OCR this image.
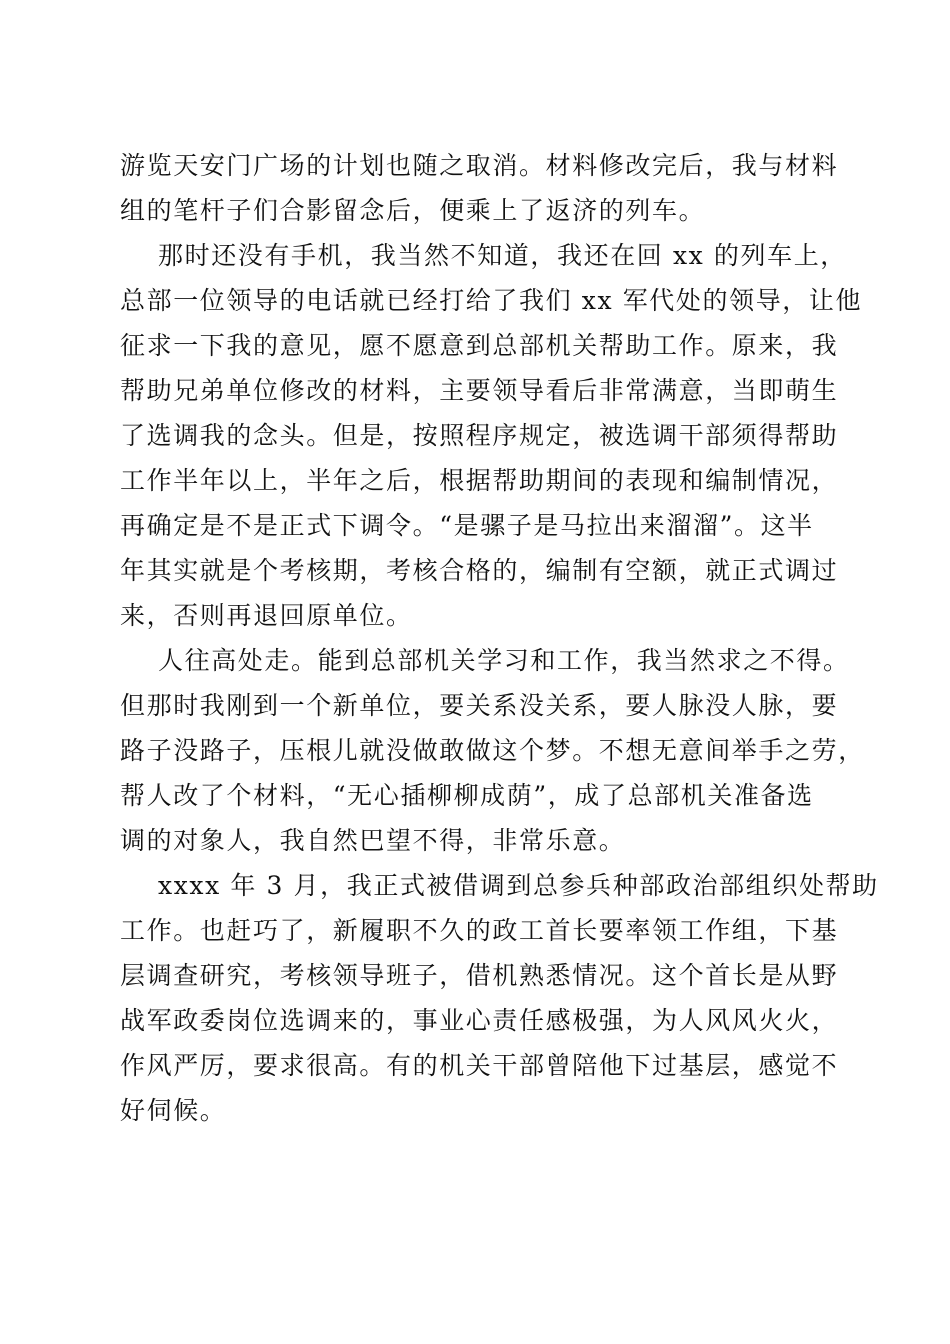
游览天安门广场的计划也随之取消。材料修改完后，我与材料
组的笔杆子们合影留念后，便乘上了返济的列车。
那时还没有手机，我当然不知道，我还在回 xx 的列车上，
总部一位领导的电话就已经打给了我们 xx 军代处的领导，让他
征求一下我的意见，愿不愿意到总部机关帮助工作。原来，我
帮助兄弟单位修改的材料，主要领导看后非常满意，当即萌生
了选调我的念头。但是，按照程序规定，被选调干部须得帮助
工作半年以上，半年之后，根据帮助期间的表现和编制情况，
再确定是不是正式下调令。“是骡子是马拉出来溜溜”。这半
年其实就是个考核期，考核合格的，编制有空额，就正式调过
来，否则再退回原单位。
人往高处走。能到总部机关学习和工作，我当然求之不得。
但那时我刚到一个新单位，要关系没关系，要人脉没人脉，要
路子没路子，压根儿就没做敢做这个梦。不想无意间举手之劳，
帮人改了个材料，“无心插柳柳成荫”，成了总部机关准备选
调的对象人，我自然巴望不得，非常乐意。
xxxx 年 3 月，我正式被借调到总参兵种部政治部组织处帮助
工作。也赶巧了，新履职不久的政工首长要率领工作组，下基
层调查研究，考核领导班子，借机熟悉情况。这个首长是从野
战军政委岗位选调来的，事业心责任感极强，为人风风火火，
作风严厉，要求很高。有的机关干部曾陪他下过基层，感觉不
好伺候。
